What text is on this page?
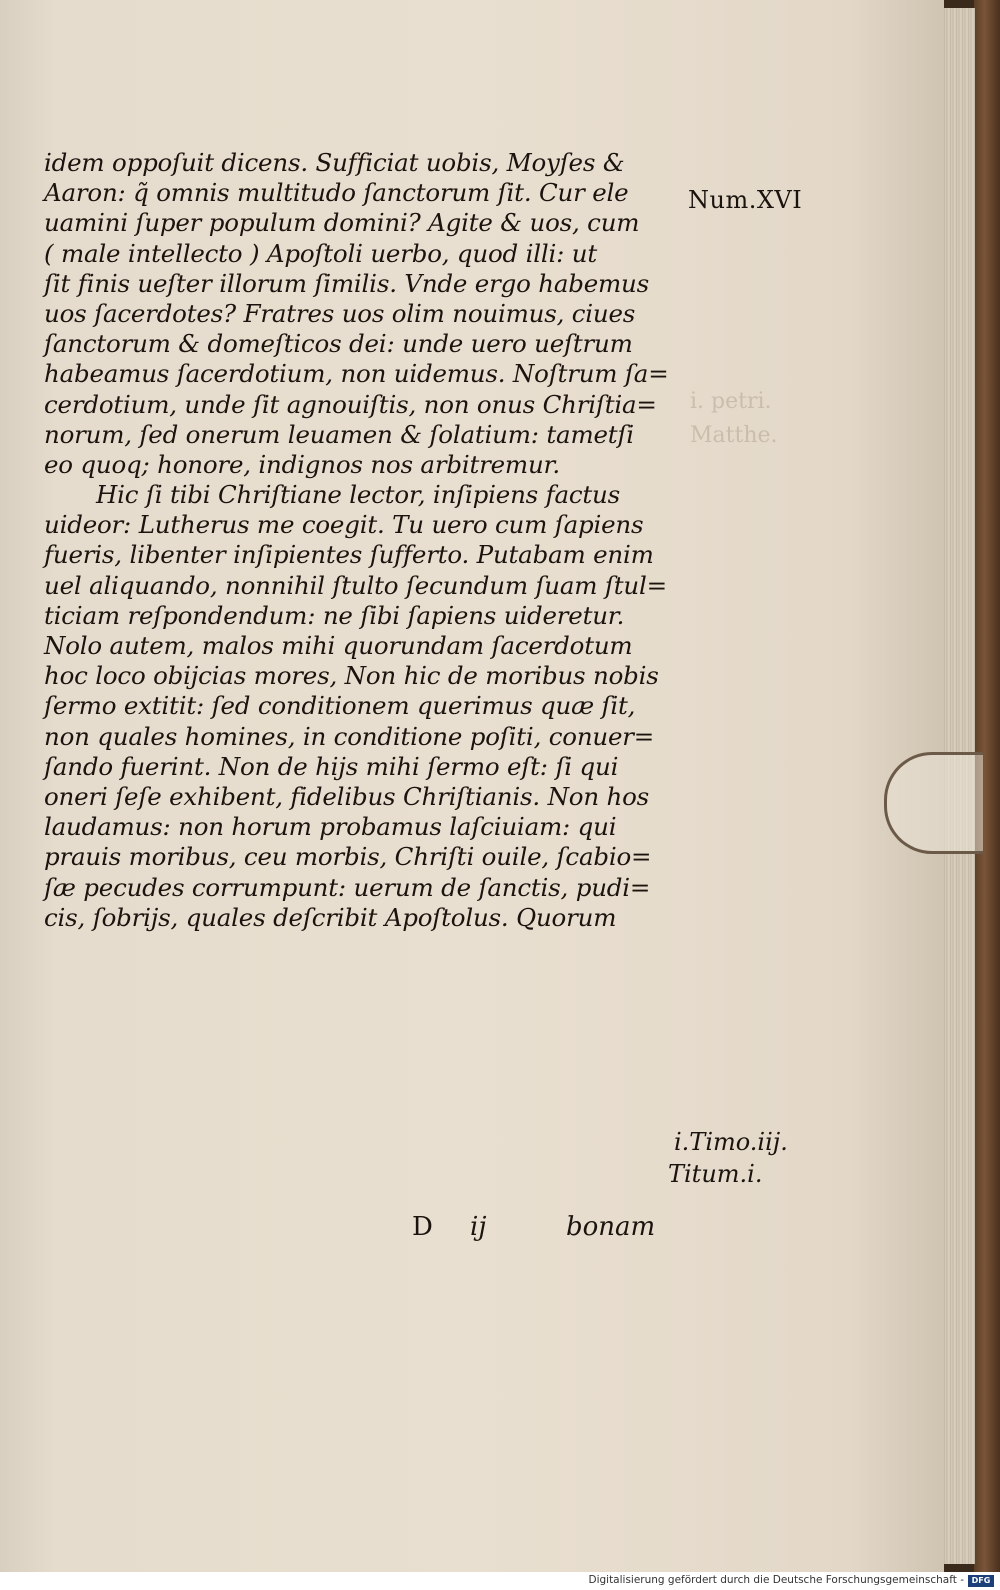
i. petri.
Matthe.
idem oppoſuit dicens. Sufficiat uobis, Moyſes &
Aaron: q̃ omnis multitudo ſanctorum ſit. Cur ele
uamini ſuper populum domini? Agite & uos, cum
( male intellecto ) Apoſtoli uerbo, quod illi: ut
ſit finis ueſter illorum ſimilis. Vnde ergo habemus
uos ſacerdotes? Fratres uos olim nouimus, ciues
ſanctorum & domeſticos dei: unde uero ueſtrum
habeamus ſacerdotium, non uidemus. Noſtrum ſa=
cerdotium, unde ſit agnouiſtis, non onus Chriſtia=
norum, ſed onerum leuamen & ſolatium: tametſi
eo quoq; honore, indignos nos arbitremur.
Hic ſi tibi Chriſtiane lector, inſipiens factus
uideor: Lutherus me coegit. Tu uero cum ſapiens
fueris, libenter inſipientes ſufferto. Putabam enim
uel aliquando, nonnihil ſtulto ſecundum ſuam ſtul=
ticiam reſpondendum: ne ſibi ſapiens uideretur.
Nolo autem, malos mihi quorundam ſacerdotum
hoc loco obijcias mores, Non hic de moribus nobis
ſermo extitit: ſed conditionem querimus quæ ſit,
non quales homines, in conditione poſiti, conuer=
ſando fuerint. Non de hijs mihi ſermo eſt: ſi qui
oneri ſeſe exhibent, fidelibus Chriſtianis. Non hos
laudamus: non horum probamus laſciuiam: qui
prauis moribus, ceu morbis, Chriſti ouile, ſcabio=
ſæ pecudes corrumpunt: uerum de ſanctis, pudi=
cis, ſobrijs, quales deſcribit Apoſtolus. Quorum
Num.XVI
i.Timo.iij.
Titum.i.
D ij	bonam
Digitalisierung gefördert durch die Deutsche Forschungsgemeinschaft - DFG
